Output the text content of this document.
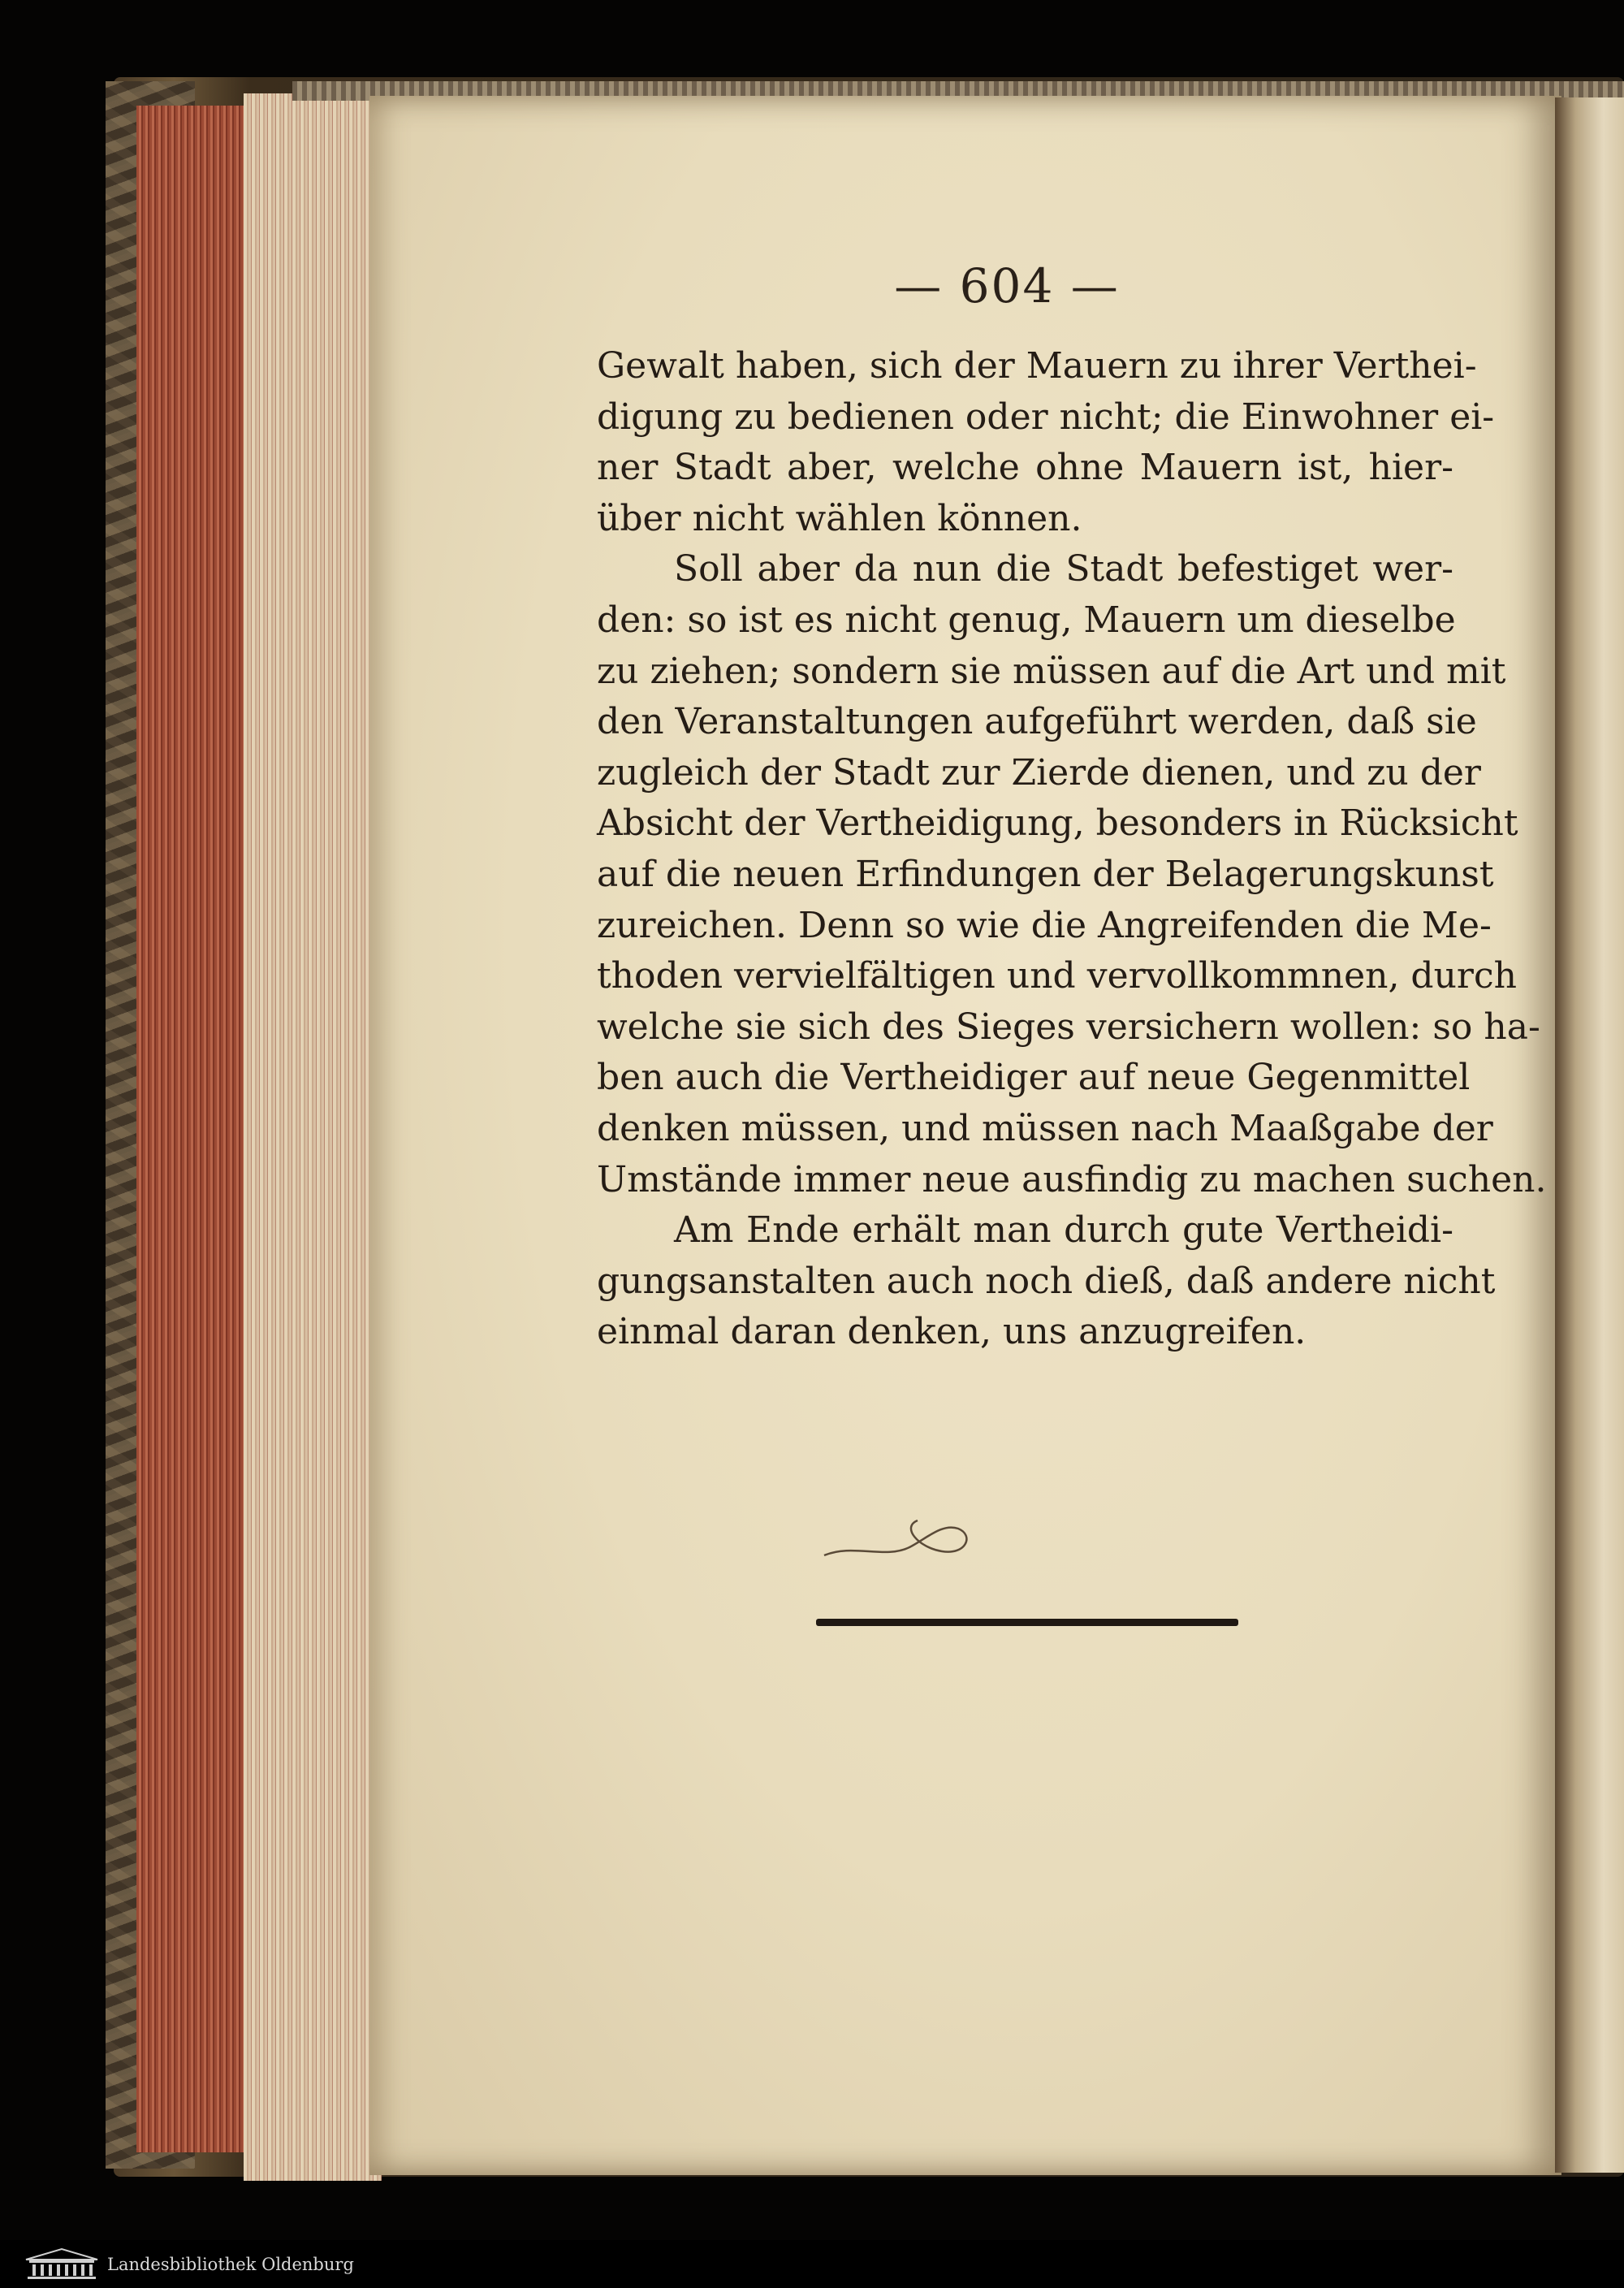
— 604 —
Gewalt haben, sich der Mauern zu ihrer Verthei-
digung zu bedienen oder nicht; die Einwohner ei-
ner Stadt aber, welche ohne Mauern ist, hier-
über nicht wählen können.
Soll aber da nun die Stadt befestiget wer-
den: so ist es nicht genug, Mauern um dieselbe
zu ziehen; sondern sie müssen auf die Art und mit
den Veranstaltungen aufgeführt werden, daß sie
zugleich der Stadt zur Zierde dienen, und zu der
Absicht der Vertheidigung, besonders in Rücksicht
auf die neuen Erfindungen der Belagerungskunst
zureichen. Denn so wie die Angreifenden die Me-
thoden vervielfältigen und vervollkommnen, durch
welche sie sich des Sieges versichern wollen: so ha-
ben auch die Vertheidiger auf neue Gegenmittel
denken müssen, und müssen nach Maaßgabe der
Umstände immer neue ausfindig zu machen suchen.
Am Ende erhält man durch gute Vertheidi-
gungsanstalten auch noch dieß, daß andere nicht
einmal daran denken, uns anzugreifen.
Landesbibliothek Oldenburg
